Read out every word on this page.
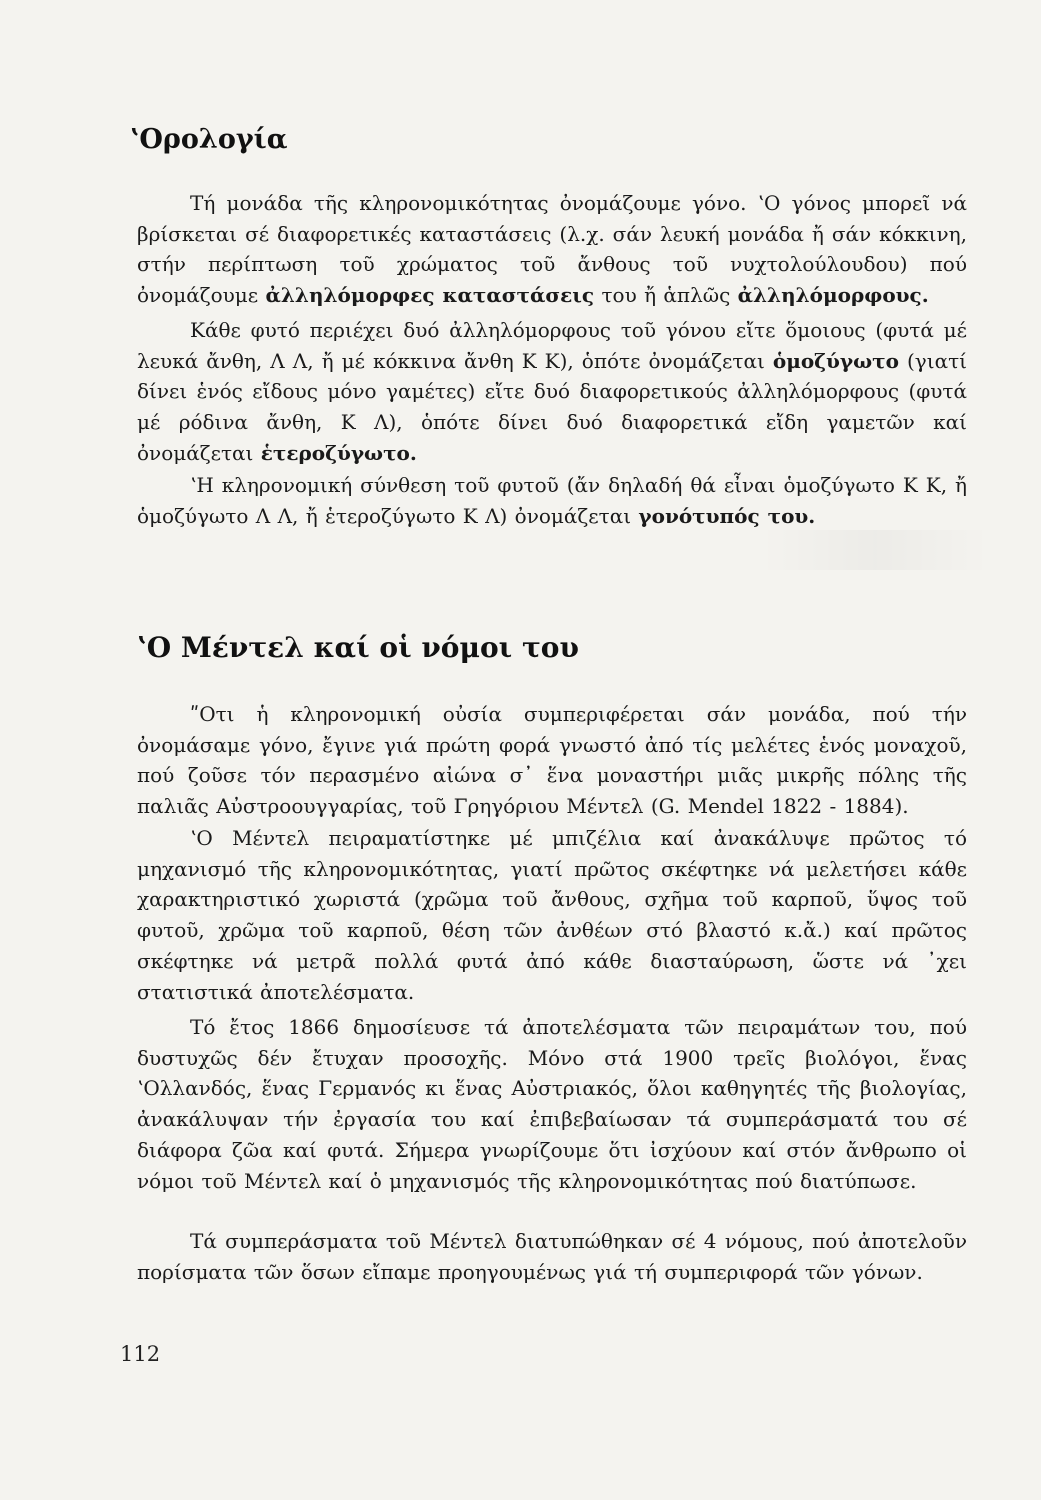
ʽΟρολογία

Τή μονάδα τῆς κληρονομικότητας ὀνομάζουμε γόνο. ʽΟ γόνος μπορεῖ νά βρίσκεται σέ διαφορετικές καταστάσεις (λ.χ. σάν λευκή μονάδα ἤ σάν κόκκινη, στήν περίπτωση τοῦ χρώματος τοῦ ἄνθους τοῦ νυχτολούλουδου) πού ὀνομάζουμε ἀλληλόμορφες καταστάσεις του ἤ ἁπλῶς ἀλληλόμορφους.

Κάθε φυτό περιέχει δυό ἀλληλόμορφους τοῦ γόνου εἴτε ὅμοιους (φυτά μέ λευκά ἄνθη, Λ Λ, ἤ μέ κόκκινα ἄνθη Κ Κ), ὁπότε ὀνομάζεται ὁμοζύγωτο (γιατί δίνει ἑνός εἴδους μόνο γαμέτες) εἴτε δυό διαφορετικούς ἀλληλόμορφους (φυτά μέ ρόδινα ἄνθη, Κ Λ), ὁπότε δίνει δυό διαφορετικά εἴδη γαμετῶν καί ὀνομάζεται ἑτεροζύγωτο.

ʽΗ κληρονομική σύνθεση τοῦ φυτοῦ (ἄν δηλαδή θά εἶναι ὁμοζύγωτο Κ Κ, ἤ ὁμοζύγωτο Λ Λ, ἤ ἑτεροζύγωτο Κ Λ) ὀνομάζεται γονότυπός του.

ʽΟ Μέντελ καί οἱ νόμοι του

ʺΟτι ἡ κληρονομική οὐσία συμπεριφέρεται σάν μονάδα, πού τήν ὀνομάσαμε γόνο, ἔγινε γιά πρώτη φορά γνωστό ἀπό τίς μελέτες ἑνός μοναχοῦ, πού ζοῦσε τόν περασμένο αἰώνα σ᾽ ἕνα μοναστήρι μιᾶς μικρῆς πόλης τῆς παλιᾶς Αὐστροουγγαρίας, τοῦ Γρηγόριου Μέντελ (G. Mendel 1822 - 1884).

ʽΟ Μέντελ πειραματίστηκε μέ μπιζέλια καί ἀνακάλυψε πρῶτος τό μηχανισμό τῆς κληρονομικότητας, γιατί πρῶτος σκέφτηκε νά μελετήσει κάθε χαρακτηριστικό χωριστά (χρῶμα τοῦ ἄνθους, σχῆμα τοῦ καρποῦ, ὕψος τοῦ φυτοῦ, χρῶμα τοῦ καρποῦ, θέση τῶν ἀνθέων στό βλαστό κ.ἄ.) καί πρῶτος σκέφτηκε νά μετρᾶ πολλά φυτά ἀπό κάθε διασταύρωση, ὥστε νά ᾽χει στατιστικά ἀποτελέσματα.

Τό ἔτος 1866 δημοσίευσε τά ἀποτελέσματα τῶν πειραμάτων του, πού δυστυχῶς δέν ἔτυχαν προσοχῆς. Μόνο στά 1900 τρεῖς βιολόγοι, ἕνας ʽΟλλανδός, ἕνας Γερμανός κι ἕνας Αὐστριακός, ὅλοι καθηγητές τῆς βιολογίας, ἀνακάλυψαν τήν ἐργασία του καί ἐπιβεβαίωσαν τά συμπεράσματά του σέ διάφορα ζῶα καί φυτά. Σήμερα γνωρίζουμε ὅτι ἰσχύουν καί στόν ἄνθρωπο οἱ νόμοι τοῦ Μέντελ καί ὁ μηχανισμός τῆς κληρονομικότητας πού διατύπωσε.

Τά συμπεράσματα τοῦ Μέντελ διατυπώθηκαν σέ 4 νόμους, πού ἀποτελοῦν πορίσματα τῶν ὅσων εἴπαμε προηγουμένως γιά τή συμπεριφορά τῶν γόνων.

112
